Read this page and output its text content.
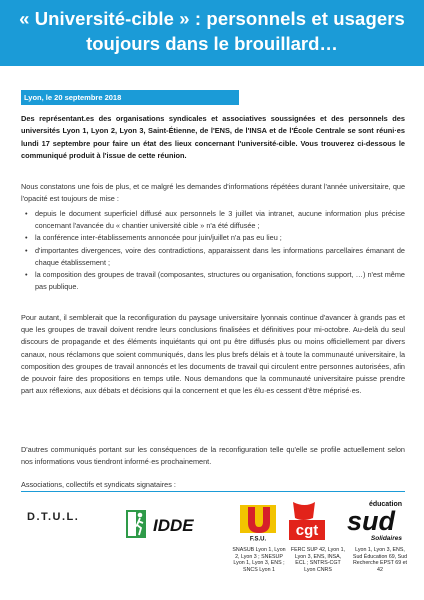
« Université-cible » : personnels et usagers
toujours dans le brouillard…
Lyon, le 20 septembre 2018
Des représentant.es des organisations syndicales et associatives soussignées et des personnels des universités Lyon 1, Lyon 2, Lyon 3, Saint-Étienne, de l'ENS, de l'INSA et de l'École Centrale se sont réuni·es lundi 17 septembre pour faire un état des lieux concernant l'université-cible. Vous trouverez ci-dessous le communiqué produit à l'issue de cette réunion.
Nous constatons une fois de plus, et ce malgré les demandes d'informations répétées durant l'année universitaire, que l'opacité est toujours de mise :
• depuis le document superficiel diffusé aux personnels le 3 juillet via intranet, aucune information plus précise concernant l'avancée du « chantier université cible » n'a été diffusée ;
• la conférence inter-établissements annoncée pour juin/juillet n'a pas eu lieu ;
• d'importantes divergences, voire des contradictions, apparaissent dans les informations parcellaires émanant de chaque établissement ;
• la composition des groupes de travail (composantes, structures ou organisation, fonctions support, …) n'est même pas publique.
Pour autant, il semblerait que la reconfiguration du paysage universitaire lyonnais continue d'avancer à grands pas et que les groupes de travail doivent rendre leurs conclusions finalisées et définitives pour mi-octobre. Au-delà du seul discours de propagande et des éléments inquiétants qui ont pu être diffusés plus ou moins officiellement par divers canaux, nous réclamons que soient communiqués, dans les plus brefs délais et à toute la communauté universitaire, la composition des groupes de travail annoncés et les documents de travail qui circulent entre personnes autorisées, afin de pouvoir faire des propositions en temps utile. Nous demandons que la communauté universitaire puisse prendre part aux réflexions, aux débats et décisions qui la concernent et que les élu·es cessent d'être méprisé·es.
D'autres communiqués portant sur les conséquences de la reconfiguration telle qu'elle se profile actuellement selon nos informations vous tiendront informé·es prochainement.
Associations, collectifs et syndicats signataires :
D.T.U.L.	IDDE
F.S.U.
cgt
éducation
sud
Solidaires
SNASUB Lyon 1, Lyon 2, Lyon 3 ; SNESUP Lyon 1, Lyon 3, ENS ; SNCS Lyon 1
FERC SUP 42, Lyon 1, Lyon 3, ENS, INSA, ECL ; SNTRS-CGT Lyon CNRS
Lyon 1, Lyon 3, ENS, Sud Éducation 69, Sud Recherche EPST 69 et 42
